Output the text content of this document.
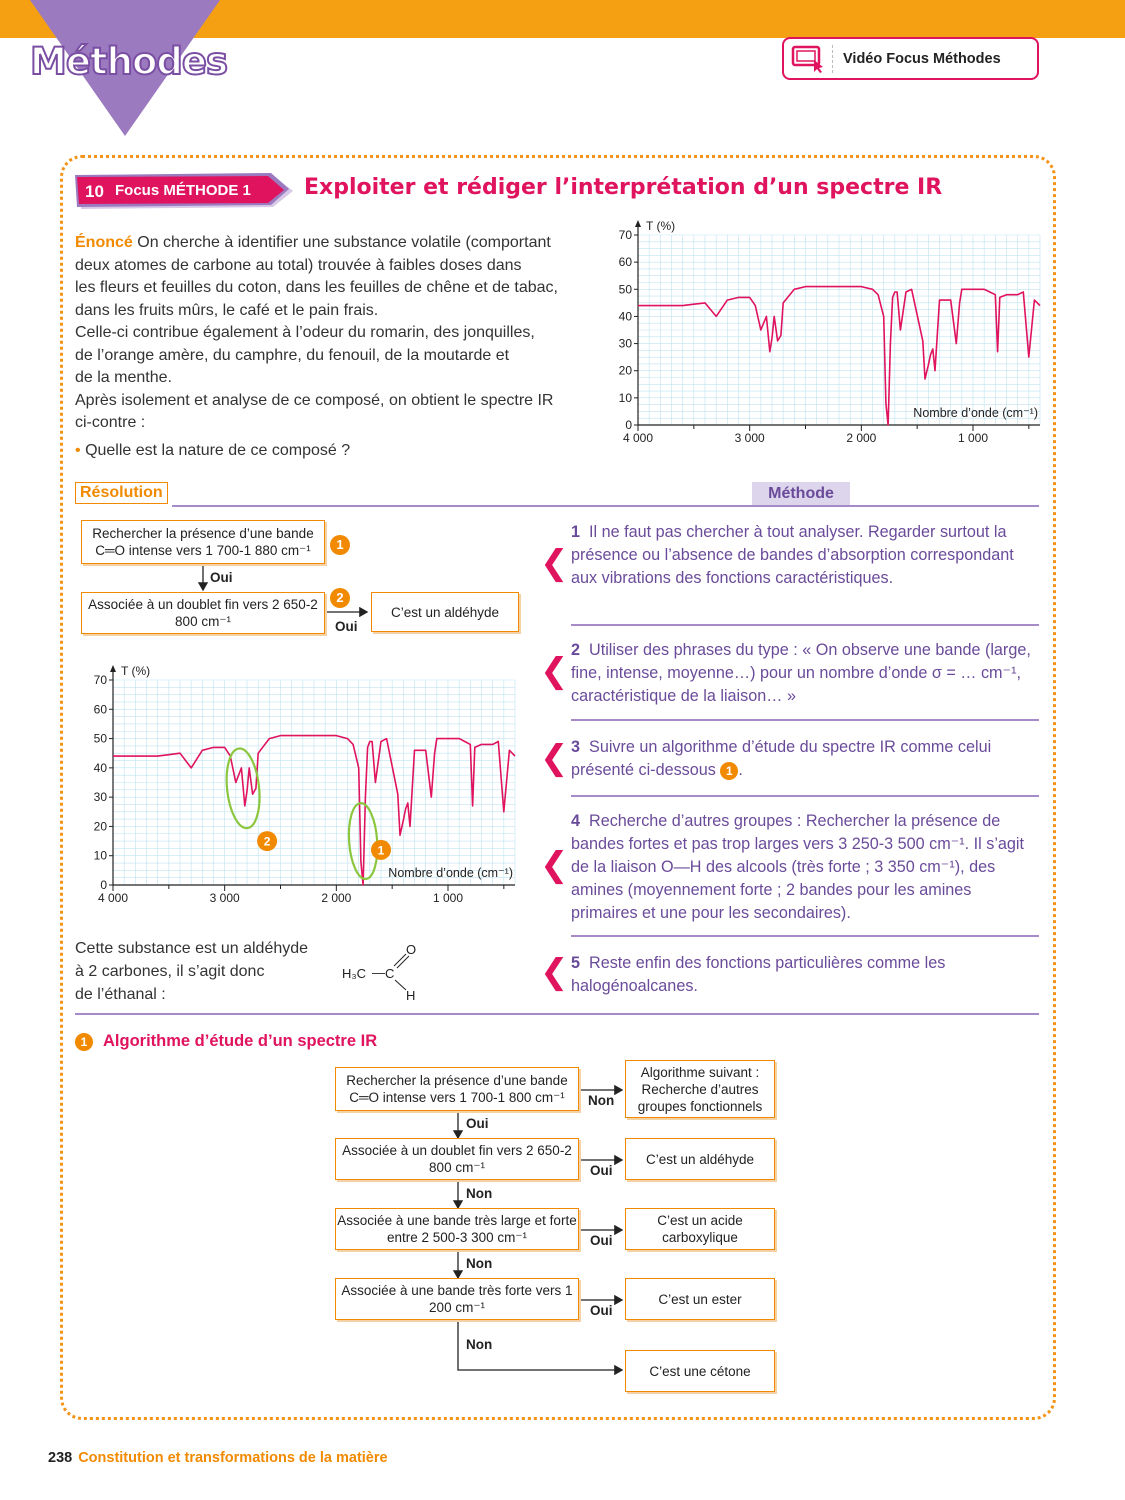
Méthodes	Vidéo Focus Méthodes
10 Focus MÉTHODE 1 Exploiter et rédiger l’interprétation d’un spectre IR
Énoncé On cherche à identifier une substance volatile (comportant
deux atomes de carbone au total) trouvée à faibles doses dans
les fleurs et feuilles du coton, dans les feuilles de chêne et de tabac,
dans les fruits mûrs, le café et le pain frais.
Celle-ci contribue également à l’odeur du romarin, des jonquilles,
de l’orange amère, du camphre, du fenouil, de la moutarde et
de la menthe.
Après isolement et analyse de ce composé, on obtient le spectre IR
ci-contre :
• Quelle est la nature de ce composé ?
0
10
20
30
40
50
60
70
4 000	3 000	2 000	1 000
T (%)
Nombre d’onde (cm⁻¹)
Résolution	Méthode
Rechercher la présence d’une bande C═O intense vers 1 700-1 880 cm⁻¹	1
Oui
Associée à un doublet fin vers 2 650-2 800 cm⁻¹
2
Oui
C’est un aldéhyde
0
10
20
30
40
50
60
70
4 000	3 000	2 000	1 000
T (%)
Nombre d’onde (cm⁻¹)
2
1
Cette substance est un aldéhyde
à 2 carbones, il s’agit donc
de l’éthanal :
H₃C — C
O
H
❮
1 Il ne faut pas chercher à tout analyser. Regarder surtout la présence ou l’absence de bandes d’absorption correspondant aux vibrations des fonctions caractéristiques.
❮
2 Utiliser des phrases du type : « On observe une bande (large, fine, intense, moyenne…) pour un nombre d’onde σ = … cm⁻¹, caractéristique de la liaison… »
❮ 3 Suivre un algorithme d’étude du spectre IR comme celui présenté ci-dessous 1 .
❮
4 Recherche d’autres groupes : Rechercher la présence de bandes fortes et pas trop larges vers 3 250-3 500 cm⁻¹. Il s’agit de la liaison O—H des alcools (très forte ; 3 350 cm⁻¹), des amines (moyennement forte ; 2 bandes pour les amines primaires et une pour les secondaires).
❮ 5 Reste enfin des fonctions particulières comme les halogénoalcanes.
1 Algorithme d’étude d’un spectre IR
Rechercher la présence d’une bande C═O intense vers 1 700-1 800 cm⁻¹	Non
Algorithme suivant : Recherche d’autres groupes fonctionnels
Oui
Associée à un doublet fin vers 2 650-2 800 cm⁻¹	Oui
C’est un aldéhyde
Non
Associée à une bande très large et forte entre 2 500-3 300 cm⁻¹	Oui
C’est un acide carboxylique
Non
Associée à une bande très forte vers 1 200 cm⁻¹	Oui
C’est un ester
Non
C’est une cétone
238 Constitution et transformations de la matière
